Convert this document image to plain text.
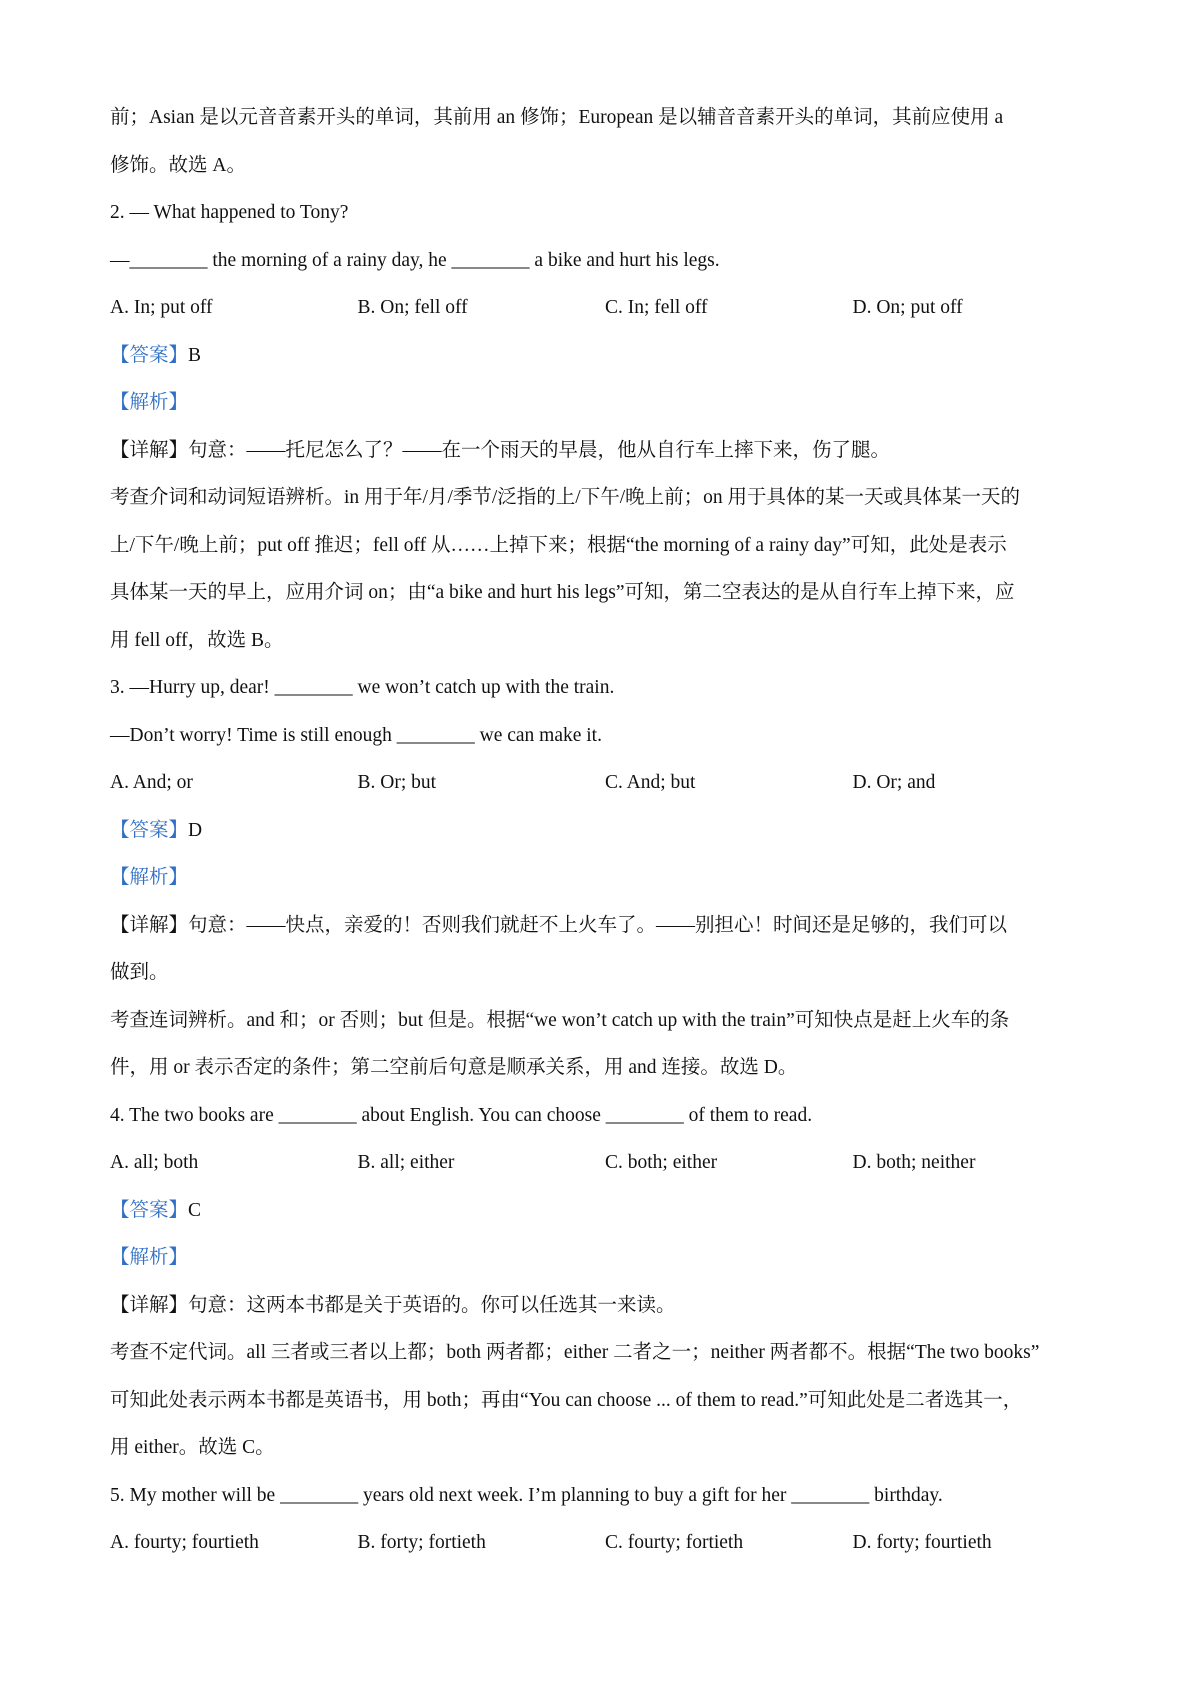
前；Asian 是以元音音素开头的单词，其前用 an 修饰；European 是以辅音音素开头的单词，其前应使用 a
修饰。故选 A。
2. — What happened to Tony?
—________ the morning of a rainy day, he ________ a bike and hurt his legs.
A. In; put off	B. On; fell off	C. In; fell off	D. On; put off
【答案】B
【解析】
【详解】句意：——托尼怎么了？——在一个雨天的早晨，他从自行车上摔下来，伤了腿。
考查介词和动词短语辨析。in 用于年/月/季节/泛指的上/下午/晚上前；on 用于具体的某一天或具体某一天的
上/下午/晚上前；put off 推迟；fell off 从……上掉下来；根据“the morning of a rainy day”可知，此处是表示
具体某一天的早上，应用介词 on；由“a bike and hurt his legs”可知，第二空表达的是从自行车上掉下来，应
用 fell off，故选 B。
3. —Hurry up, dear! ________ we won’t catch up with the train.
—Don’t worry! Time is still enough ________ we can make it.
A. And; or	B. Or; but	C. And; but	D. Or; and
【答案】D
【解析】
【详解】句意：——快点，亲爱的！否则我们就赶不上火车了。——别担心！时间还是足够的，我们可以
做到。
考查连词辨析。and 和；or 否则；but 但是。根据“we won’t catch up with the train”可知快点是赶上火车的条
件，用 or 表示否定的条件；第二空前后句意是顺承关系，用 and 连接。故选 D。
4. The two books are ________ about English. You can choose ________ of them to read.
A. all; both	B. all; either	C. both; either	D. both; neither
【答案】C
【解析】
【详解】句意：这两本书都是关于英语的。你可以任选其一来读。
考查不定代词。all 三者或三者以上都；both 两者都；either 二者之一；neither 两者都不。根据“The two books”
可知此处表示两本书都是英语书，用 both；再由“You can choose ... of them to read.”可知此处是二者选其一，
用 either。故选 C。
5. My mother will be ________ years old next week. I’m planning to buy a gift for her ________ birthday.
A. fourty; fourtieth	B. forty; fortieth	C. fourty; fortieth	D. forty; fourtieth
